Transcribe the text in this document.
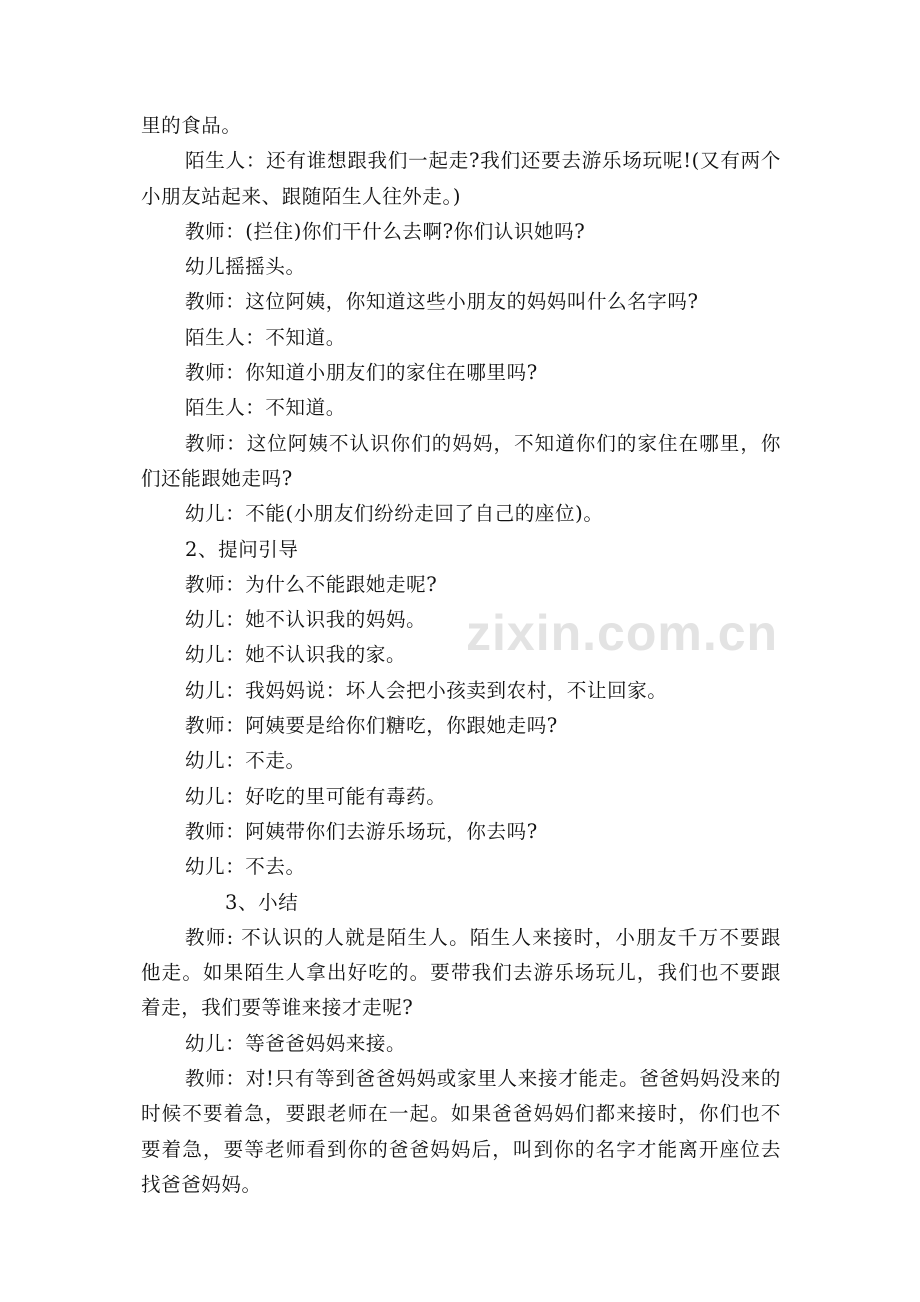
zixin.com.cn

里的食品。

陌生人：还有谁想跟我们一起走?我们还要去游乐场玩呢!(又有两个小朋友站起来、跟随陌生人往外走。)

教师：(拦住)你们干什么去啊?你们认识她吗?

幼儿摇摇头。

教师：这位阿姨，你知道这些小朋友的妈妈叫什么名字吗?

陌生人：不知道。

教师：你知道小朋友们的家住在哪里吗?

陌生人：不知道。

教师：这位阿姨不认识你们的妈妈，不知道你们的家住在哪里，你们还能跟她走吗?

幼儿：不能(小朋友们纷纷走回了自己的座位)。

2、提问引导

教师：为什么不能跟她走呢?

幼儿：她不认识我的妈妈。

幼儿：她不认识我的家。

幼儿：我妈妈说：坏人会把小孩卖到农村，不让回家。

教师：阿姨要是给你们糖吃，你跟她走吗?

幼儿：不走。

幼儿：好吃的里可能有毒药。

教师：阿姨带你们去游乐场玩，你去吗?

幼儿：不去。

3、小结

教师: 不认识的人就是陌生人。陌生人来接时，小朋友千万不要跟他走。如果陌生人拿出好吃的。要带我们去游乐场玩儿，我们也不要跟着走，我们要等谁来接才走呢?

幼儿：等爸爸妈妈来接。

教师：对!只有等到爸爸妈妈或家里人来接才能走。爸爸妈妈没来的时候不要着急，要跟老师在一起。如果爸爸妈妈们都来接时，你们也不要着急，要等老师看到你的爸爸妈妈后，叫到你的名字才能离开座位去找爸爸妈妈。
